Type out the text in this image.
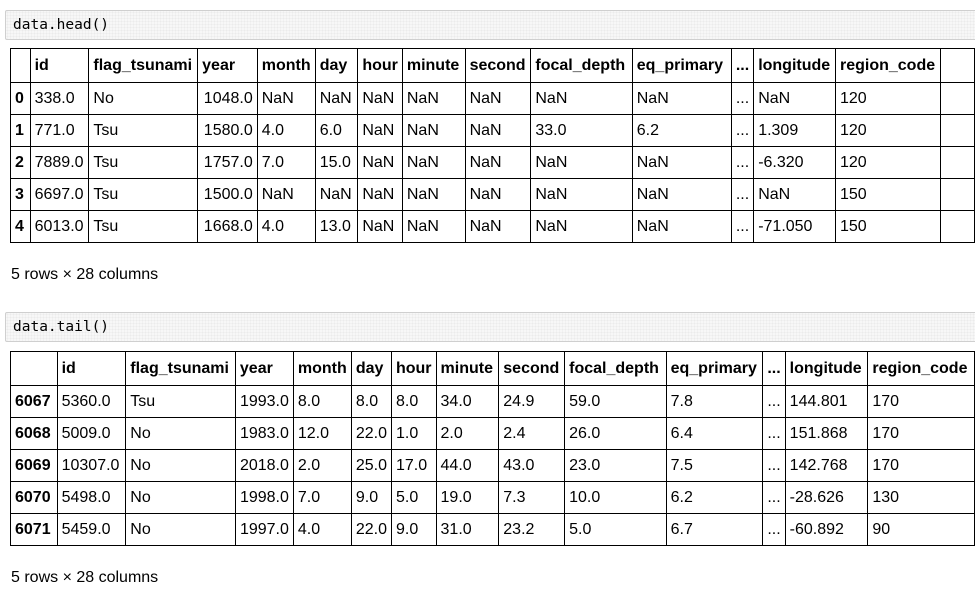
data.head()
	id	flag_tsunami	year	month	day	hour	minute	second	focal_depth	eq_primary	...	longitude	region_code	
0	338.0	No	1048.0	NaN	NaN	NaN	NaN	NaN	NaN	NaN	...	NaN	120	
1	771.0	Tsu	1580.0	4.0	6.0	NaN	NaN	NaN	33.0	6.2	...	1.309	120	
2	7889.0	Tsu	1757.0	7.0	15.0	NaN	NaN	NaN	NaN	NaN	...	-6.320	120	
3	6697.0	Tsu	1500.0	NaN	NaN	NaN	NaN	NaN	NaN	NaN	...	NaN	150	
4	6013.0	Tsu	1668.0	4.0	13.0	NaN	NaN	NaN	NaN	NaN	...	-71.050	150	
5 rows × 28 columns
data.tail()
	id	flag_tsunami	year	month	day	hour	minute	second	focal_depth	eq_primary	...	longitude	region_code
6067	5360.0	Tsu	1993.0	8.0	8.0	8.0	34.0	24.9	59.0	7.8	...	144.801	170
6068	5009.0	No	1983.0	12.0	22.0	1.0	2.0	2.4	26.0	6.4	...	151.868	170
6069	10307.0	No	2018.0	2.0	25.0	17.0	44.0	43.0	23.0	7.5	...	142.768	170
6070	5498.0	No	1998.0	7.0	9.0	5.0	19.0	7.3	10.0	6.2	...	-28.626	130
6071	5459.0	No	1997.0	4.0	22.0	9.0	31.0	23.2	5.0	6.7	...	-60.892	90
5 rows × 28 columns
